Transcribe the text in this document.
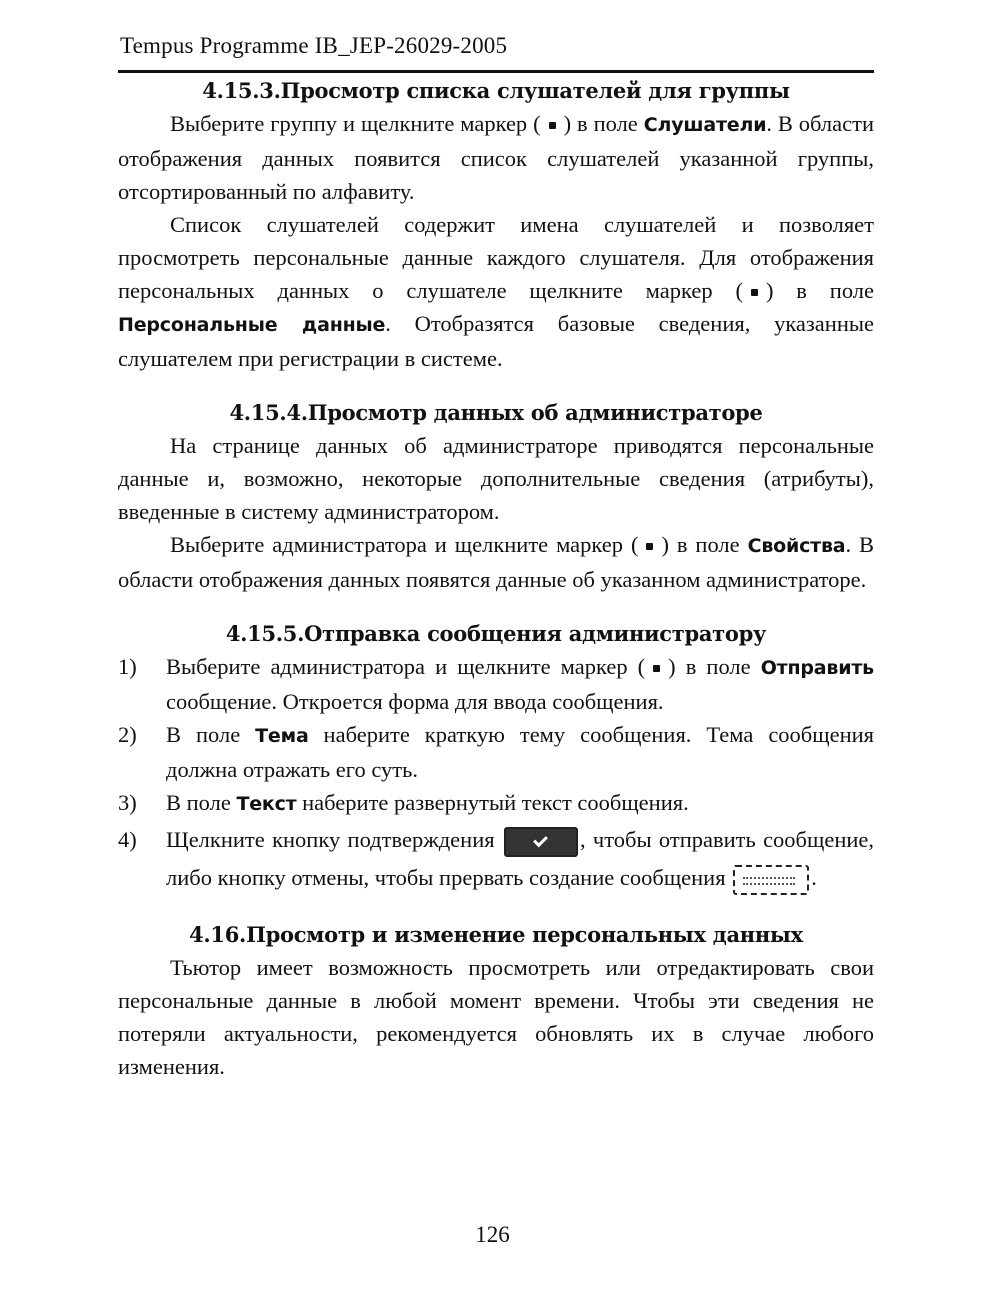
Tempus Programme IB_JEP-26029-2005
4.15.3.Просмотр списка слушателей для группы

Выберите группу и щелкните маркер ( ) в поле Слушатели. В области отображения данных появится список слушателей указанной группы, отсортированный по алфавиту.

Список слушателей содержит имена слушателей и позволяет просмотреть персональные данные каждого слушателя. Для отображения персональных данных о слушателе щелкните маркер ( ) в поле Персональные данные. Отобразятся базовые сведения, указанные слушателем при регистрации в системе.

4.15.4.Просмотр данных об администраторе

На странице данных об администраторе приводятся персональные данные и, возможно, некоторые дополнительные сведения (атрибуты), введенные в систему администратором.

Выберите администратора и щелкните маркер ( ) в поле Свойства. В области отображения данных появятся данные об указанном администраторе.

4.15.5.Отправка сообщения администратору
1) Выберите администратора и щелкните маркер ( ) в поле Отправить сообщение. Откроется форма для ввода сообщения.
2) В поле Тема наберите краткую тему сообщения. Тема сообщения должна отражать его суть.
3) В поле Текст наберите развернутый текст сообщения.
4) Щелкните кнопку подтверждения	, чтобы отправить сообщение, либо кнопку отмены, чтобы прервать создание сообщения	.
4.16.Просмотр и изменение персональных данных

Тьютор имеет возможность просмотреть или отредактировать свои персональные данные в любой момент времени. Чтобы эти сведения не потеряли актуальности, рекомендуется обновлять их в случае любого изменения.

126
